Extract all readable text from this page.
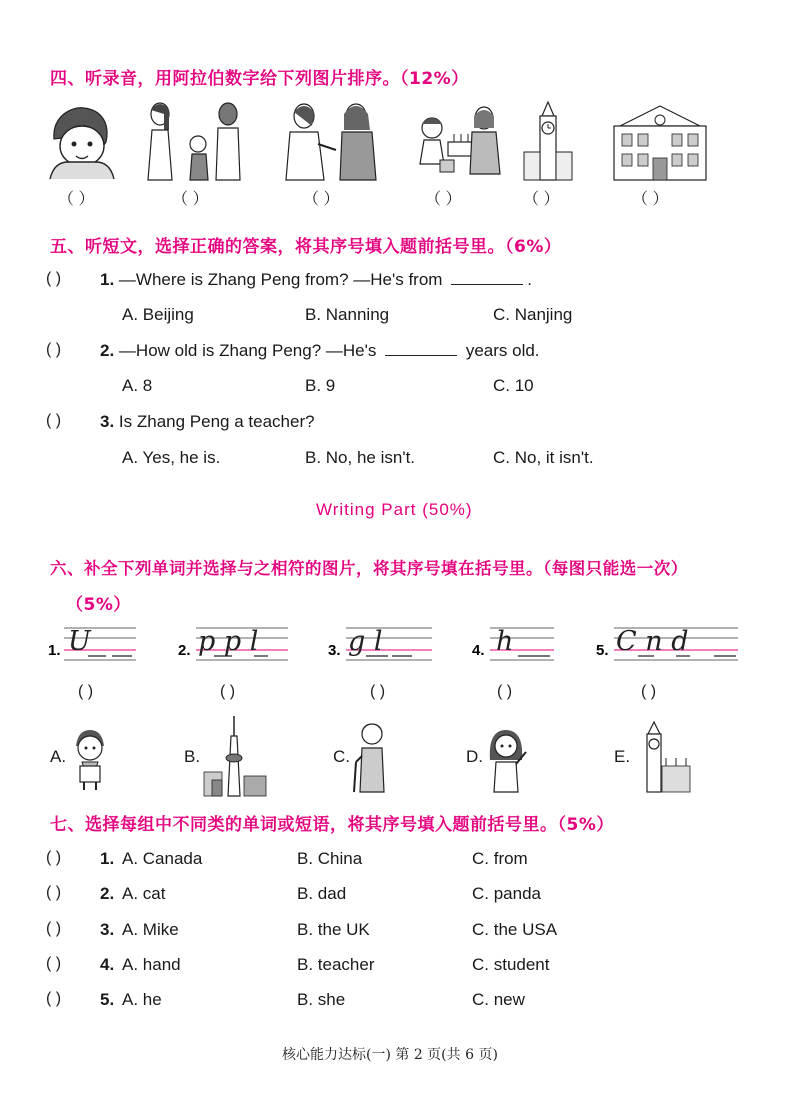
四、听录音，用阿拉伯数字给下列图片排序。（12%）
（ ）	（ ）	（ ）	（ ）	（ ）	（ ）
五、听短文，选择正确的答案，将其序号填入题前括号里。（6%）
( ) 1. —Where is Zhang Peng from? —He's from	.
A. Beijing	B. Nanning	C. Nanjing
( ) 2. —How old is Zhang Peng? —He's	years old.
A. 8	B. 9	C. 10
( ) 3. Is Zhang Peng a teacher?
A. Yes, he is.	B. No, he isn't.	C. No, it isn't.
Writing Part (50%)
六、补全下列单词并选择与之相符的图片，将其序号填在括号里。（每图只能选一次）
（5%）
1. U	2. p p l	3. g l	4. h	5. C n d
( )	( )	( )	( )	( )
A.	B.	C.	D.	E.
七、选择每组中不同类的单词或短语，将其序号填入题前括号里。（5%）
( ) 1. A. Canada	B. China	C. from
( ) 2. A. cat	B. dad	C. panda
( ) 3. A. Mike	B. the UK	C. the USA
( ) 4. A. hand	B. teacher	C. student
( ) 5. A. he	B. she	C. new
核心能力达标(一) 第 2 页(共 6 页)
